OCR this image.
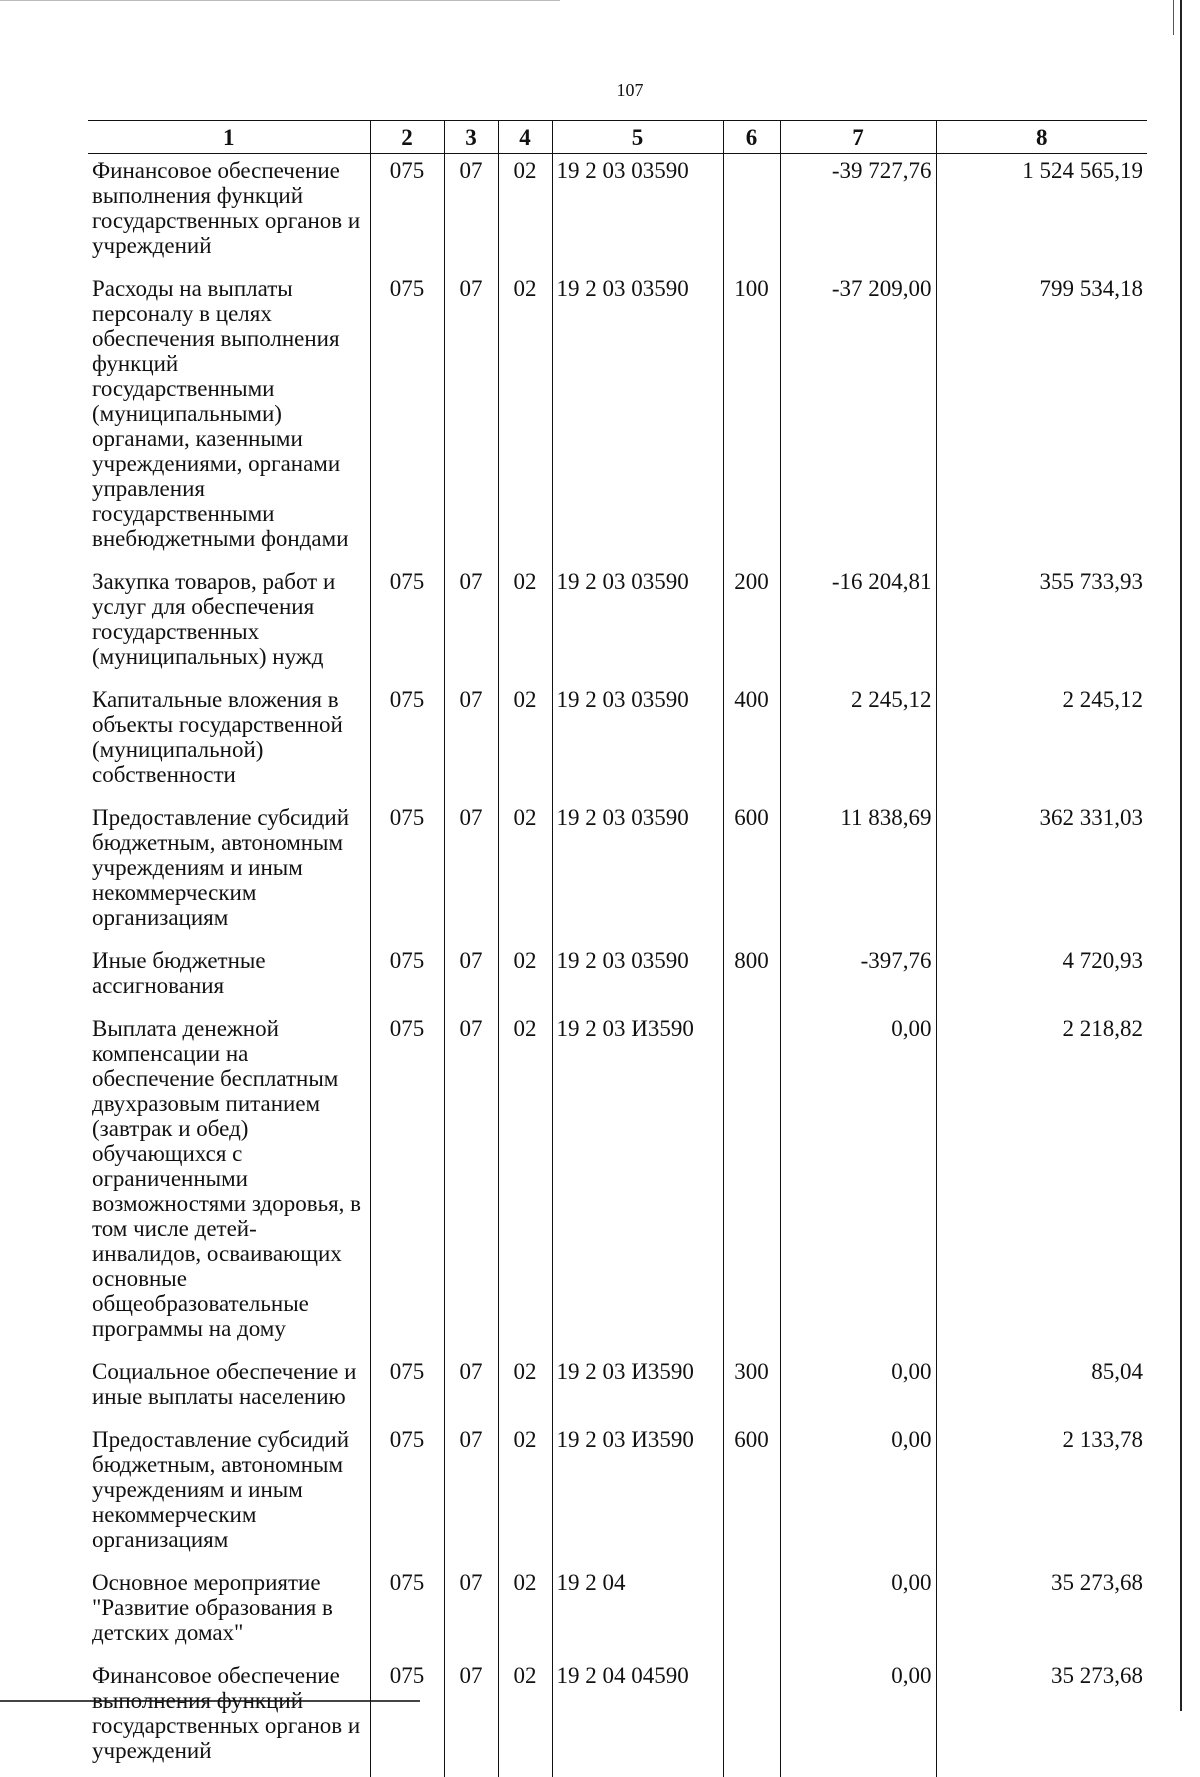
107
1	2	3	4	5	6	7	8
Финансовое обеспечение выполнения функций государственных органов и учреждений	075	07	02	19 2 03 03590		-39 727,76	1 524 565,19
Расходы на выплаты персоналу в целях обеспечения выполнения функций государственными (муниципальными) органами, казенными учреждениями, органами управления государственными внебюджетными фондами	075	07	02	19 2 03 03590	100	-37 209,00	799 534,18
Закупка товаров, работ и услуг для обеспечения государственных (муниципальных) нужд	075	07	02	19 2 03 03590	200	-16 204,81	355 733,93
Капитальные вложения в объекты государственной (муниципальной) собственности	075	07	02	19 2 03 03590	400	2 245,12	2 245,12
Предоставление субсидий бюджетным, автономным учреждениям и иным некоммерческим организациям	075	07	02	19 2 03 03590	600	11 838,69	362 331,03
Иные бюджетные ассигнования	075	07	02	19 2 03 03590	800	-397,76	4 720,93
Выплата денежной компенсации на обеспечение бесплатным двухразовым питанием (завтрак и обед) обучающихся с ограниченными возможностями здоровья, в том числе детей-инвалидов, осваивающих основные общеобразовательные программы на дому	075	07	02	19 2 03 И3590		0,00	2 218,82
Социальное обеспечение и иные выплаты населению	075	07	02	19 2 03 И3590	300	0,00	85,04
Предоставление субсидий бюджетным, автономным учреждениям и иным некоммерческим организациям	075	07	02	19 2 03 И3590	600	0,00	2 133,78
Основное мероприятие "Развитие образования в детских домах"	075	07	02	19 2 04		0,00	35 273,68
Финансовое обеспечение выполнения функций государственных органов и учреждений	075	07	02	19 2 04 04590		0,00	35 273,68
